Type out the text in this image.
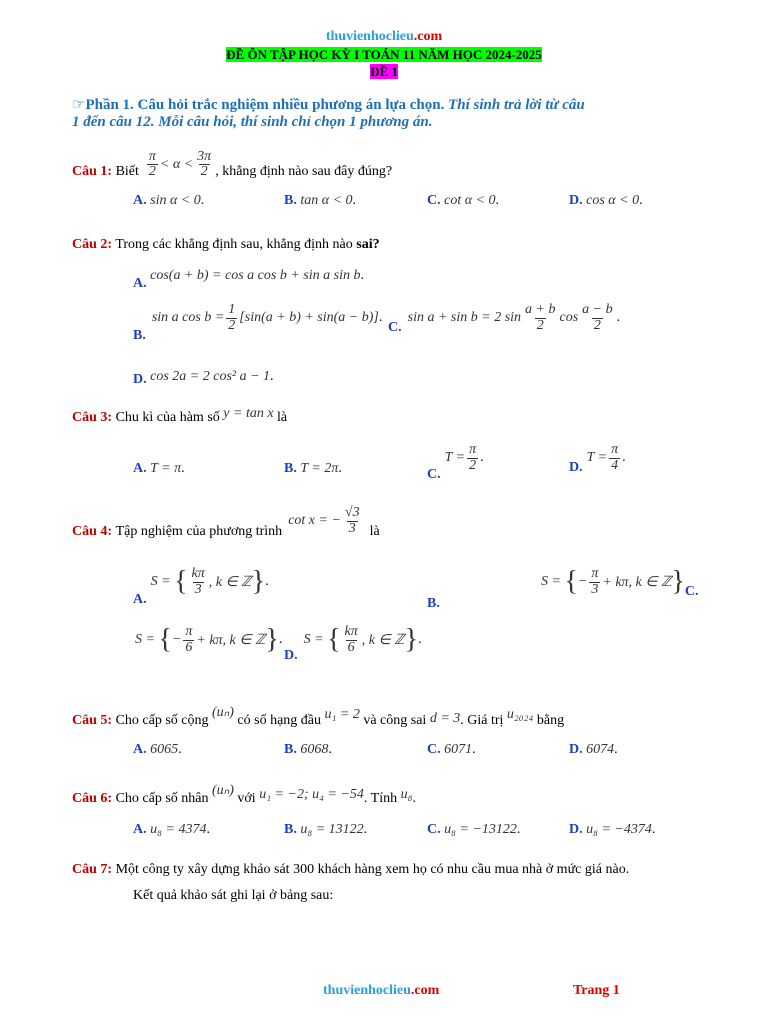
thuvienhoclieu.com
ĐỀ ÔN TẬP HỌC KỲ I TOÁN 11 NĂM HỌC 2024-2025
ĐỀ 1
☞Phần 1. Câu hỏi trắc nghiệm nhiều phương án lựa chọn. Thí sinh trả lời từ câu
1 đến câu 12. Mỗi câu hỏi, thí sinh chỉ chọn 1 phương án.
Câu 1:
Biết $\frac{\pi}{2} < \alpha < \frac{3\pi}{2}$ , khẳng định nào sau đây đúng?
A. sin α < 0.	B. tan α < 0.	C. cot α < 0.	D. cos α < 0.
Câu 2: Trong các khẳng định sau, khẳng định nào sai?
A. cos(a + b) = cos a cos b + sin a sin b.
B.
sin a $\cos b = \frac{1}{2} [\sin(a + b) + \sin(a - b)]$ .
C.
sin a + sin b = 2 $\sin \frac{a + b}{2}$ $\cos \frac{a - b}{2}$ .
D. cos 2a = 2 cos² a − 1.
Câu 3: Chu kì của hàm số y = tan x là
A. T = π.	B. T = 2π.	C.
$T = \frac{\pi}{2}$ .
D.
$T = \frac{\pi}{4}$ .
Câu 4:
Tập nghiệm của phương trình
cot x = − $\frac{√3}{3}$ là
A.
S =
{ $\frac{k\pi}{3}$ , k ∈ ℤ } .
B.
S =
{ − $\frac{\pi}{3} + k\pi$, k ∈ ℤ } C.
S =
{ − $\frac{\pi}{6} + k\pi$, k ∈ ℤ } .
D.
S =
{ $\frac{k\pi}{6}$ , k ∈ ℤ } .
Câu 5: Cho cấp số cộng (uₙ) có số hạng đầu u₁ = 2 và công sai d = 3. Giá trị u₂₀₂₄ bằng
A. 6065.	B. 6068.	C. 6071.	D. 6074.
Câu 6: Cho cấp số nhân (uₙ) với u₁ = −2; u₄ = −54. Tính u₈.
A. u₈ = 4374.	B. u₈ = 13122.	C. u₈ = −13122.	D. u₈ = −4374.
Câu 7: Một công ty xây dựng khảo sát 300 khách hàng xem họ có nhu cầu mua nhà ở mức giá nào.
Kết quả khảo sát ghi lại ở bảng sau:
thuvienhoclieu.com	Trang 1
